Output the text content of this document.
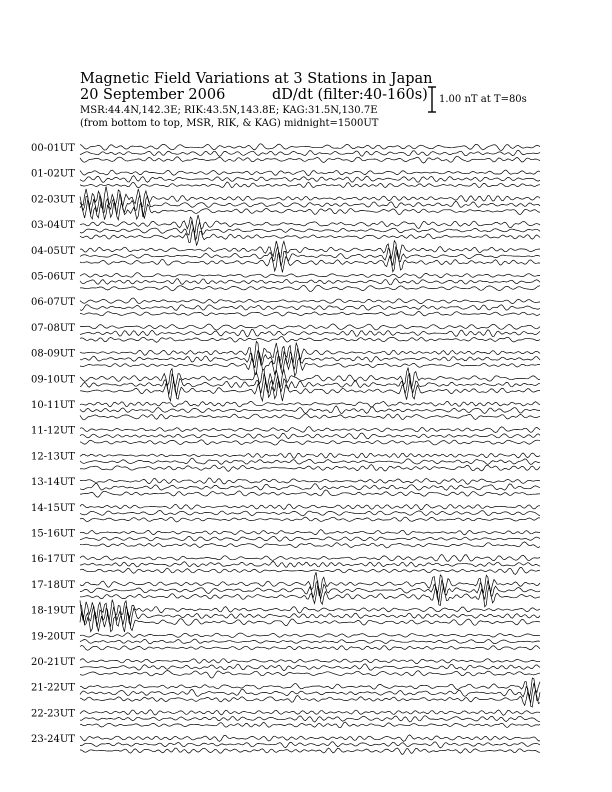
Magnetic Field Variations at 3 Stations in Japan
20 September 2006	dD/dt (filter:40-160s)
MSR:44.4N,142.3E; RIK:43.5N,143.8E; KAG:31.5N,130.7E
(from bottom to top, MSR, RIK, & KAG) midnight=1500UT
1.00 nT at T=80s
00-01UT
01-02UT
02-03UT
03-04UT
04-05UT
05-06UT
06-07UT
07-08UT
08-09UT
09-10UT
10-11UT
11-12UT
12-13UT
13-14UT
14-15UT
15-16UT
16-17UT
17-18UT
18-19UT
19-20UT
20-21UT
21-22UT
22-23UT
23-24UT
